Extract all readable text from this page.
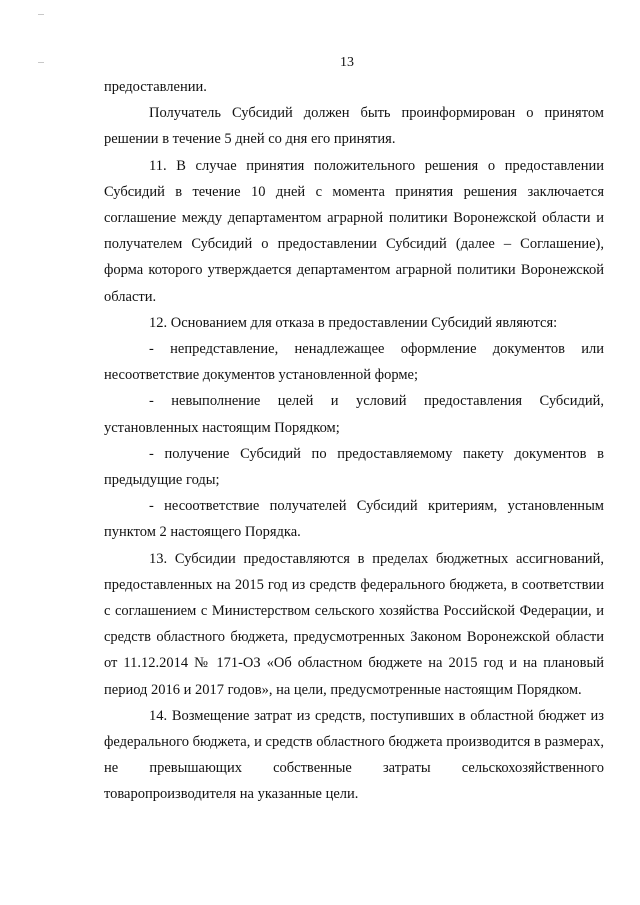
13

предоставлении.

Получатель Субсидий должен быть проинформирован о принятом решении в течение 5 дней со дня его принятия.

11. В случае принятия положительного решения о предоставлении Субсидий в течение 10 дней с момента принятия решения заключается соглашение между департаментом аграрной политики Воронежской области и получателем Субсидий о предоставлении Субсидий (далее – Соглашение), форма которого утверждается департаментом аграрной политики Воронежской области.

12. Основанием для отказа в предоставлении Субсидий являются:

- непредставление, ненадлежащее оформление документов или несоответствие документов установленной форме;

- невыполнение целей и условий предоставления Субсидий, установленных настоящим Порядком;

- получение Субсидий по предоставляемому пакету документов в предыдущие годы;

- несоответствие получателей Субсидий критериям, установленным пунктом 2 настоящего Порядка.

13. Субсидии предоставляются в пределах бюджетных ассигнований, предоставленных на 2015 год из средств федерального бюджета, в соответствии с соглашением с Министерством сельского хозяйства Российской Федерации, и средств областного бюджета, предусмотренных Законом Воронежской области от 11.12.2014 № 171-ОЗ «Об областном бюджете на 2015 год и на плановый период 2016 и 2017 годов», на цели, предусмотренные настоящим Порядком.

14. Возмещение затрат из средств, поступивших в областной бюджет из федерального бюджета, и средств областного бюджета производится в размерах, не превышающих собственные затраты сельскохозяйственного товаропроизводителя на указанные цели.
